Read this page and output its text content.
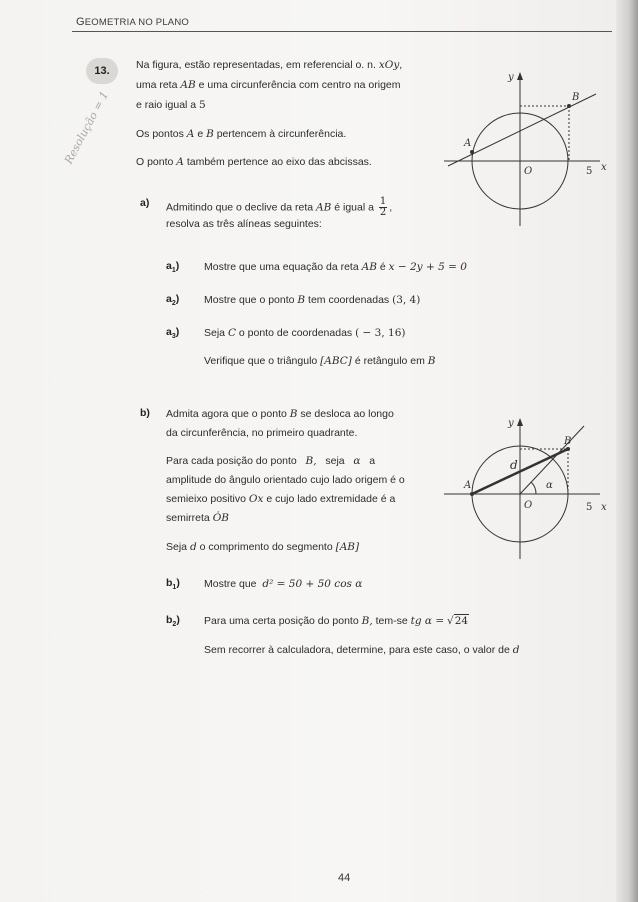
GEOMETRIA NO PLANO
13.	Na figura, estão representadas, em referencial o. n. xOy,
uma reta AB e uma circunferência com centro na origem
e raio igual a 5
Os pontos A e B pertencem à circunferência.
O ponto A também pertence ao eixo das abcissas.
Resolução = 1
y
x
O	5
A
B
a) Admitindo que o declive da reta AB é igual a $\frac{1}{2}$ ,
resolva as três alíneas seguintes:
$a_1$) Mostre que uma equação da reta AB é x − 2y + 5 = 0
$a_2$) Mostre que o ponto B tem coordenadas (3, 4)
$a_3$) Seja C o ponto de coordenadas ( − 3, 16)
Verifique que o triângulo [ABC] é retângulo em B
b) Admita agora que o ponto B se desloca ao longo
da circunferência, no primeiro quadrante.
Para cada posição do ponto B, seja α a
amplitude do ângulo orientado cujo lado origem é o
semieixo positivo Ox e cujo lado extremidade é a
semirreta ȮB
Seja d o comprimento do segmento [AB]
$b_1$) Mostre que d² = 50 + 50 cos α
$b_2$) Para uma certa posição do ponto B, tem-se tg α = √24
Sem recorrer à calculadora, determine, para este caso, o valor de d
y
x
O	5
A
B
d
α
44
